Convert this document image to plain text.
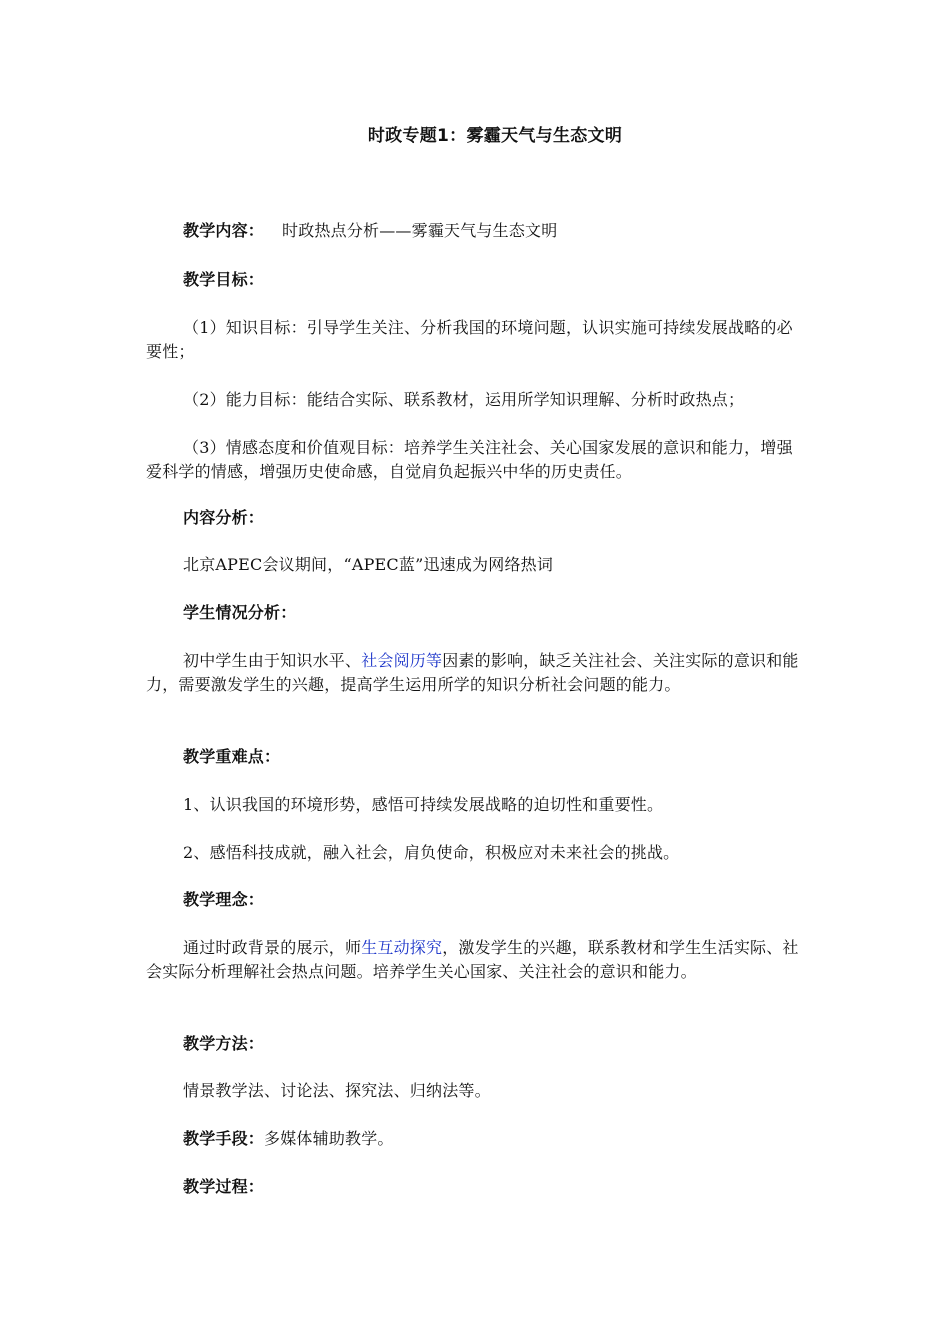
时政专题1：雾霾天气与生态文明
教学内容： 时政热点分析——雾霾天气与生态文明
教学目标：
（1）知识目标：引导学生关注、分析我国的环境问题，认识实施可持续发展战略的必要性；
（2）能力目标：能结合实际、联系教材，运用所学知识理解、分析时政热点；
（3）情感态度和价值观目标：培养学生关注社会、关心国家发展的意识和能力，增强爱科学的情感，增强历史使命感，自觉肩负起振兴中华的历史责任。
内容分析：
北京APEC会议期间，“APEC蓝”迅速成为网络热词
学生情况分析：
初中学生由于知识水平、社会阅历等因素的影响，缺乏关注社会、关注实际的意识和能力，需要激发学生的兴趣，提高学生运用所学的知识分析社会问题的能力。
教学重难点：
1、认识我国的环境形势，感悟可持续发展战略的迫切性和重要性。
2、感悟科技成就，融入社会，肩负使命，积极应对未来社会的挑战。
教学理念：
通过时政背景的展示，师生互动探究，激发学生的兴趣，联系教材和学生生活实际、社会实际分析理解社会热点问题。培养学生关心国家、关注社会的意识和能力。
教学方法：
情景教学法、讨论法、探究法、归纳法等。
教学手段：多媒体辅助教学。
教学过程：
